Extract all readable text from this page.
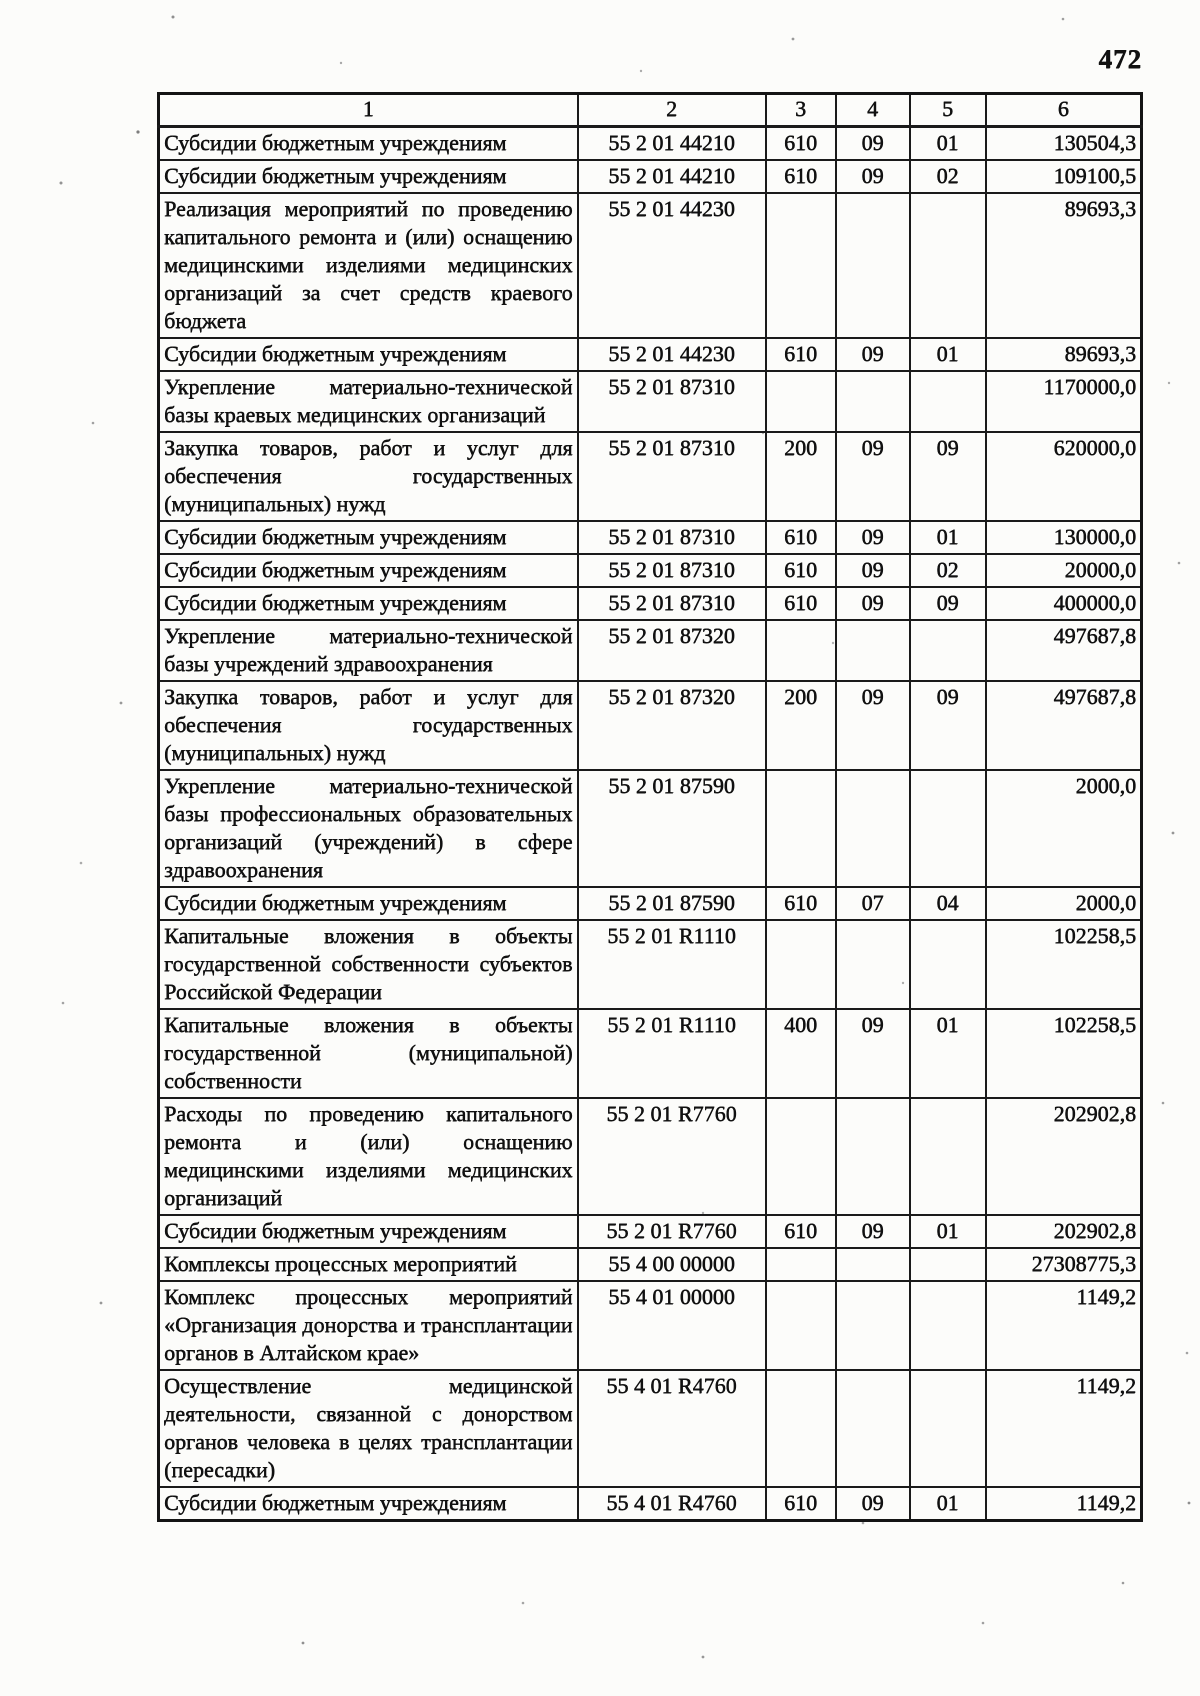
472
1	2	3	4	5	6
Субсидии бюджетным учреждениям	55 2 01 44210	610	09	01	130504,3
Субсидии бюджетным учреждениям	55 2 01 44210	610	09	02	109100,5
Реализация мероприятий по проведению капитального ремонта и (или) оснащению медицинскими изделиями медицинских организаций за счет средств краевого бюджета	55 2 01 44230				89693,3
Субсидии бюджетным учреждениям	55 2 01 44230	610	09	01	89693,3
Укрепление материально-технической базы краевых медицинских организаций	55 2 01 87310				1170000,0
Закупка товаров, работ и услуг для обеспечения государственных (муниципальных) нужд	55 2 01 87310	200	09	09	620000,0
Субсидии бюджетным учреждениям	55 2 01 87310	610	09	01	130000,0
Субсидии бюджетным учреждениям	55 2 01 87310	610	09	02	20000,0
Субсидии бюджетным учреждениям	55 2 01 87310	610	09	09	400000,0
Укрепление материально-технической базы учреждений здравоохранения	55 2 01 87320				497687,8
Закупка товаров, работ и услуг для обеспечения государственных (муниципальных) нужд	55 2 01 87320	200	09	09	497687,8
Укрепление материально-технической базы профессиональных образовательных организаций (учреждений) в сфере здравоохранения	55 2 01 87590				2000,0
Субсидии бюджетным учреждениям	55 2 01 87590	610	07	04	2000,0
Капитальные вложения в объекты государственной собственности субъектов Российской Федерации	55 2 01 R1110				102258,5
Капитальные вложения в объекты государственной (муниципальной) собственности	55 2 01 R1110	400	09	01	102258,5
Расходы по проведению капитального ремонта и (или) оснащению медицинскими изделиями медицинских организаций	55 2 01 R7760				202902,8
Субсидии бюджетным учреждениям	55 2 01 R7760	610	09	01	202902,8
Комплексы процессных мероприятий	55 4 00 00000				27308775,3
Комплекс процессных мероприятий «Организация донорства и трансплантации органов в Алтайском крае»	55 4 01 00000				1149,2
Осуществление медицинской деятельности, связанной с донорством органов человека в целях трансплантации (пересадки)	55 4 01 R4760				1149,2
Субсидии бюджетным учреждениям	55 4 01 R4760	610	09	01	1149,2
